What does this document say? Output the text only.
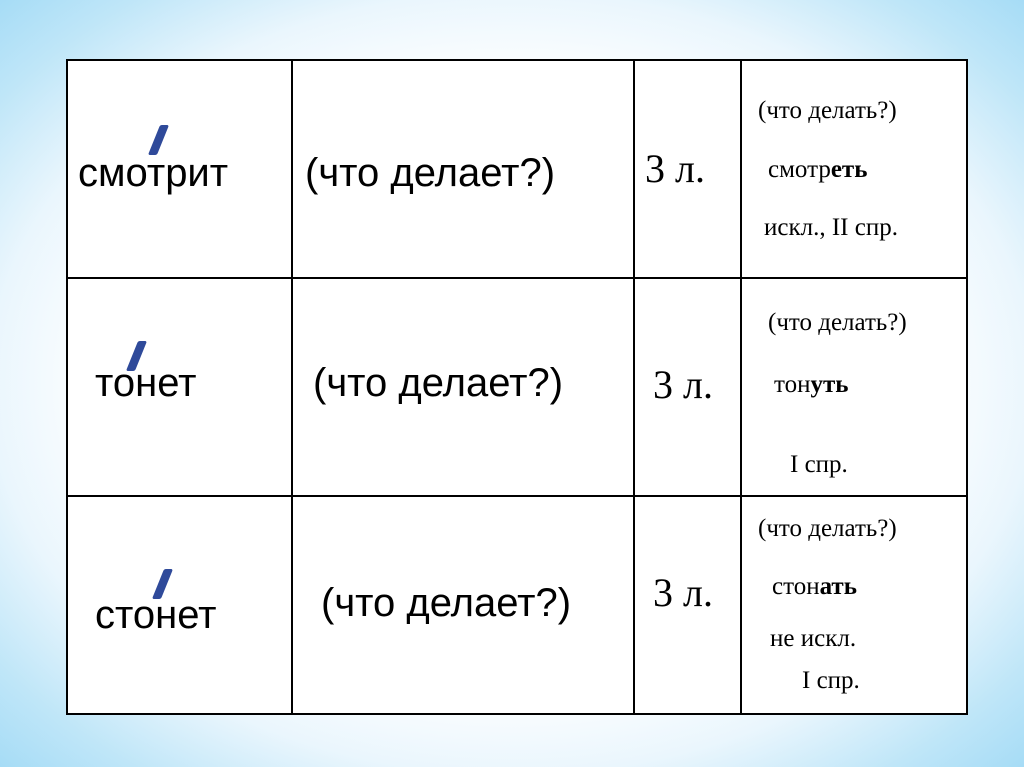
смотрит	(что делает?)	3 л.	(что делать?)
смотреть
искл., II спр.

тонет	(что делает?)	3 л.	(что делать?)
тонуть
I спр.

стонет	(что делает?)	3 л.	(что делать?)
стонать
не искл.
I спр.
